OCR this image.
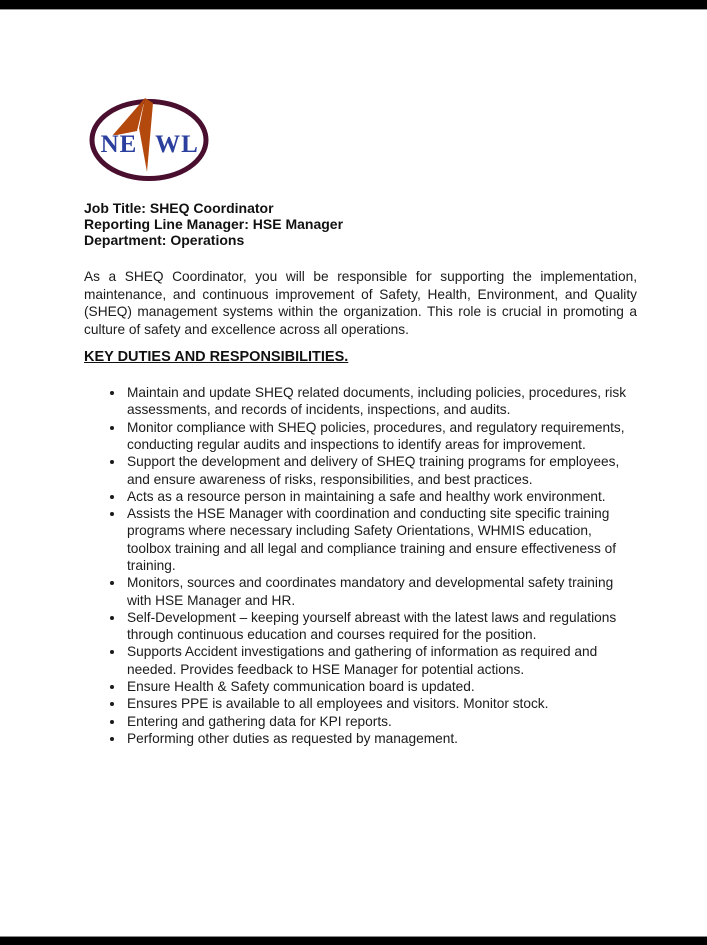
NE WL
Job Title: SHEQ Coordinator
Reporting Line Manager: HSE Manager
Department: Operations
As a SHEQ Coordinator, you will be responsible for supporting the implementation, maintenance, and continuous improvement of Safety, Health, Environment, and Quality (SHEQ) management systems within the organization. This role is crucial in promoting a culture of safety and excellence across all operations.
KEY DUTIES AND RESPONSIBILITIES.
• Maintain and update SHEQ related documents, including policies, procedures, risk assessments, and records of incidents, inspections, and audits.
• Monitor compliance with SHEQ policies, procedures, and regulatory requirements, conducting regular audits and inspections to identify areas for improvement.
• Support the development and delivery of SHEQ training programs for employees, and ensure awareness of risks, responsibilities, and best practices.
• Acts as a resource person in maintaining a safe and healthy work environment.
• Assists the HSE Manager with coordination and conducting site specific training programs where necessary including Safety Orientations, WHMIS education, toolbox training and all legal and compliance training and ensure effectiveness of training.
• Monitors, sources and coordinates mandatory and developmental safety training with HSE Manager and HR.
• Self-Development – keeping yourself abreast with the latest laws and regulations through continuous education and courses required for the position.
• Supports Accident investigations and gathering of information as required and needed. Provides feedback to HSE Manager for potential actions.
• Ensure Health & Safety communication board is updated.
• Ensures PPE is available to all employees and visitors. Monitor stock.
• Entering and gathering data for KPI reports.
• Performing other duties as requested by management.
